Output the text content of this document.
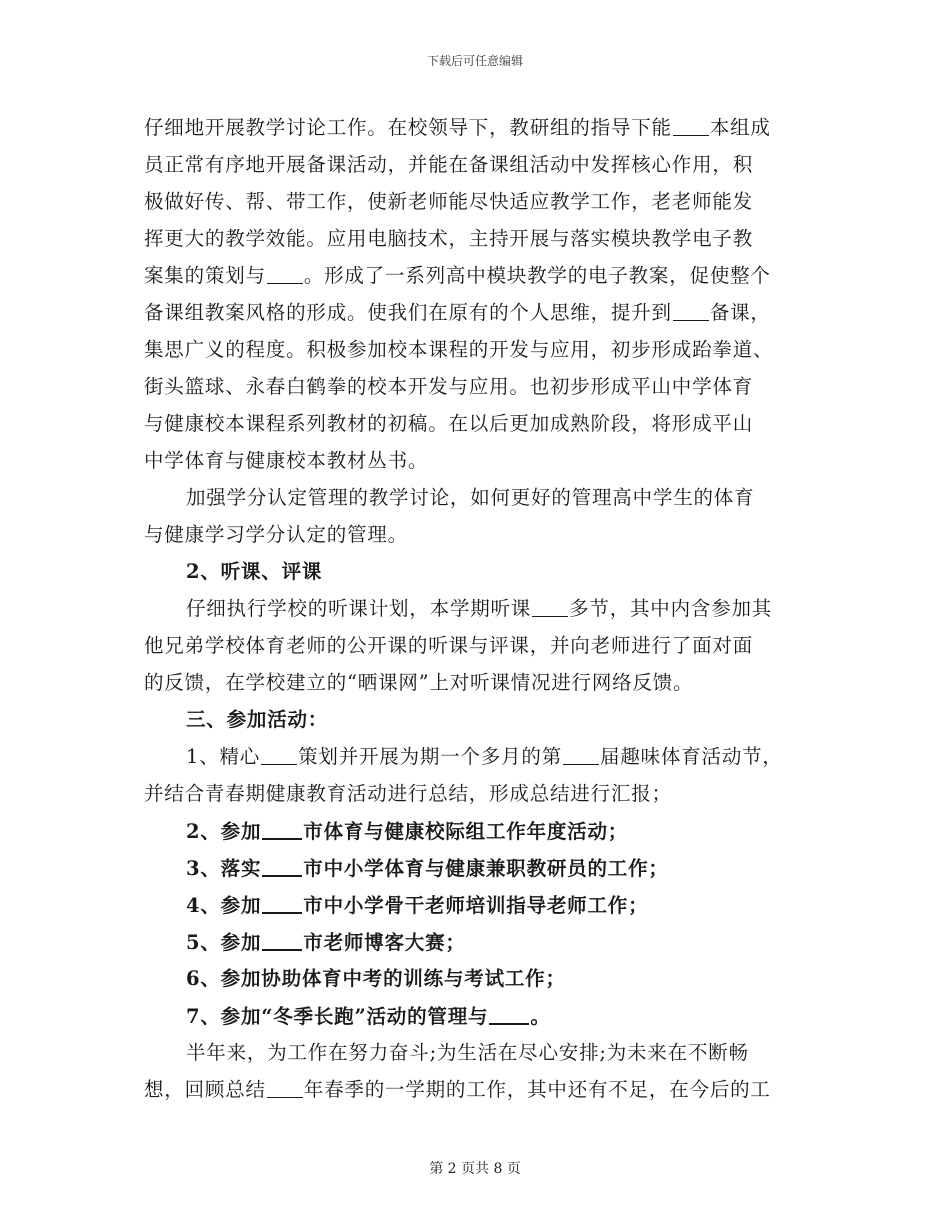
下载后可任意编辑
仔细地开展教学讨论工作。在校领导下，教研组的指导下能 本组成
员正常有序地开展备课活动，并能在备课组活动中发挥核心作用，积
极做好传、帮、带工作，使新老师能尽快适应教学工作，老老师能发
挥更大的教学效能。应用电脑技术，主持开展与落实模块教学电子教
案集的策划与 。形成了一系列高中模块教学的电子教案，促使整个
备课组教案风格的形成。使我们在原有的个人思维，提升到 备课，
集思广义的程度。积极参加校本课程的开发与应用，初步形成跆拳道、
街头篮球、永春白鹤拳的校本开发与应用。也初步形成平山中学体育
与健康校本课程系列教材的初稿。在以后更加成熟阶段，将形成平山
中学体育与健康校本教材丛书。
加强学分认定管理的教学讨论，如何更好的管理高中学生的体育
与健康学习学分认定的管理。
2、听课、评课
仔细执行学校的听课计划，本学期听课 多节，其中内含参加其
他兄弟学校体育老师的公开课的听课与评课，并向老师进行了面对面
的反馈，在学校建立的“晒课网”上对听课情况进行网络反馈。
三、参加活动：
1、精心 策划并开展为期一个多月的第 届趣味体育活动节，
并结合青春期健康教育活动进行总结，形成总结进行汇报；
2、参加 市体育与健康校际组工作年度活动；
3、落实 市中小学体育与健康兼职教研员的工作；
4、参加 市中小学骨干老师培训指导老师工作；
5、参加 市老师博客大赛；
6、参加协助体育中考的训练与考试工作；
7、参加“冬季长跑”活动的管理与 。
半年来，为工作在努力奋斗;为生活在尽心安排;为未来在不断畅
想，回顾总结 年春季的一学期的工作，其中还有不足，在今后的工
第 2 页共 8 页
